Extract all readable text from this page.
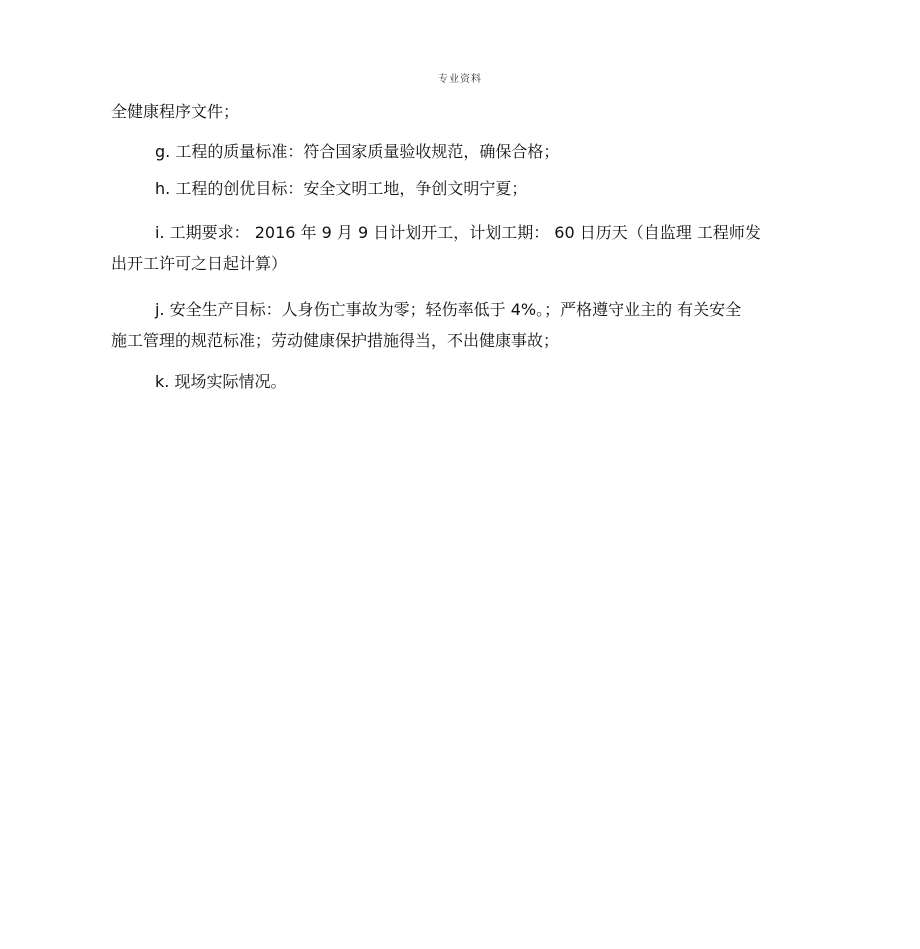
专业资料
全健康程序文件；
g. 工程的质量标准：符合国家质量验收规范，确保合格；
h. 工程的创优目标：安全文明工地，争创文明宁夏；
i. 工期要求： 2016 年 9 月 9 日计划开工，计划工期： 60 日历天（自监理 工程师发
出开工许可之日起计算）
j. 安全生产目标：人身伤亡事故为零；轻伤率低于 4%。；严格遵守业主的 有关安全
施工管理的规范标准；劳动健康保护措施得当，不出健康事故；
k. 现场实际情况。
